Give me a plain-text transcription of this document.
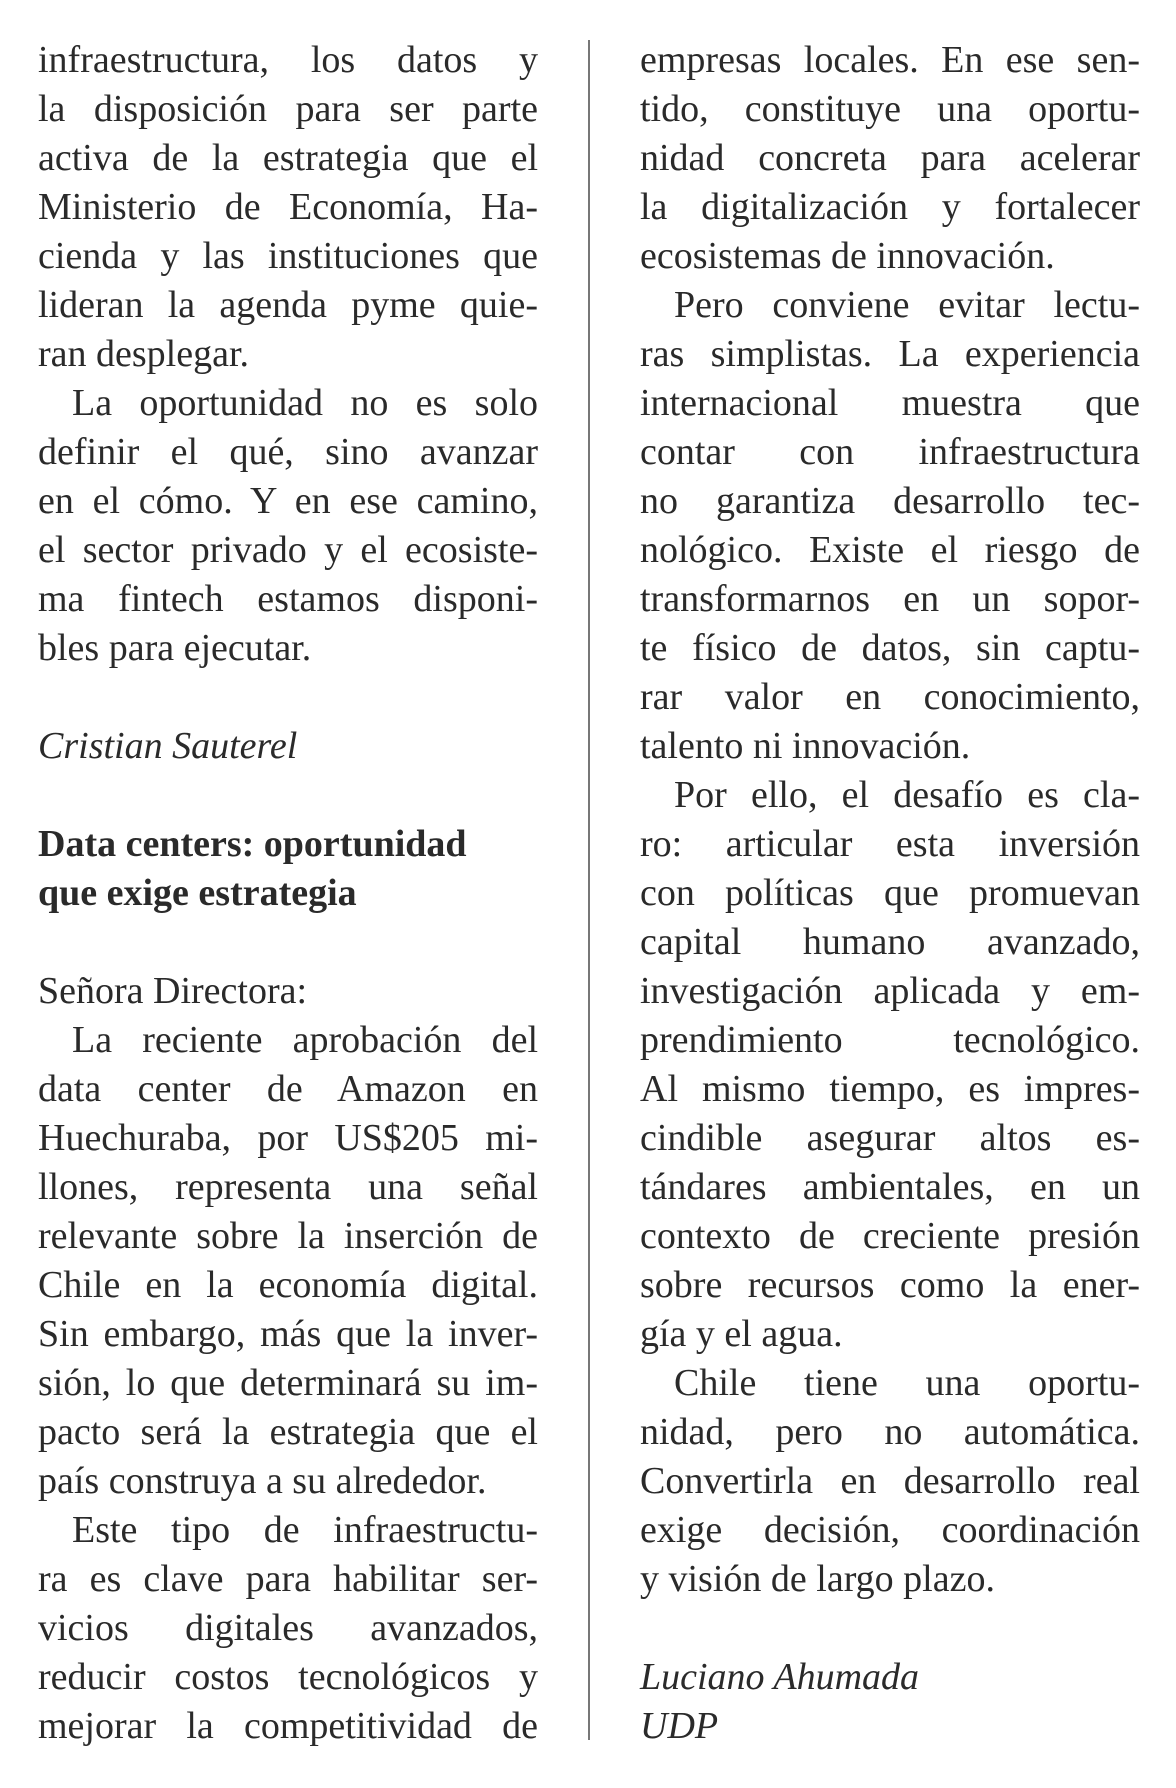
infraestructura, los datos y
la disposición para ser parte
activa de la estrategia que el
Ministerio de Economía, Ha-
cienda y las instituciones que
lideran la agenda pyme quie-
ran desplegar.
La oportunidad no es solo
definir el qué, sino avanzar
en el cómo. Y en ese camino,
el sector privado y el ecosiste-
ma fintech estamos disponi-
bles para ejecutar.
Cristian Sauterel
Data centers: oportunidad
que exige estrategia
Señora Directora:
La reciente aprobación del
data center de Amazon en
Huechuraba, por US$205 mi-
llones, representa una señal
relevante sobre la inserción de
Chile en la economía digital.
Sin embargo, más que la inver-
sión, lo que determinará su im-
pacto será la estrategia que el
país construya a su alrededor.
Este tipo de infraestructu-
ra es clave para habilitar ser-
vicios digitales avanzados,
reducir costos tecnológicos y
mejorar la competitividad de
empresas locales. En ese sen-
tido, constituye una oportu-
nidad concreta para acelerar
la digitalización y fortalecer
ecosistemas de innovación.
Pero conviene evitar lectu-
ras simplistas. La experiencia
internacional muestra que
contar con infraestructura
no garantiza desarrollo tec-
nológico. Existe el riesgo de
transformarnos en un sopor-
te físico de datos, sin captu-
rar valor en conocimiento,
talento ni innovación.
Por ello, el desafío es cla-
ro: articular esta inversión
con políticas que promuevan
capital humano avanzado,
investigación aplicada y em-
prendimiento tecnológico.
Al mismo tiempo, es impres-
cindible asegurar altos es-
tándares ambientales, en un
contexto de creciente presión
sobre recursos como la ener-
gía y el agua.
Chile tiene una oportu-
nidad, pero no automática.
Convertirla en desarrollo real
exige decisión, coordinación
y visión de largo plazo.
Luciano Ahumada
UDP
